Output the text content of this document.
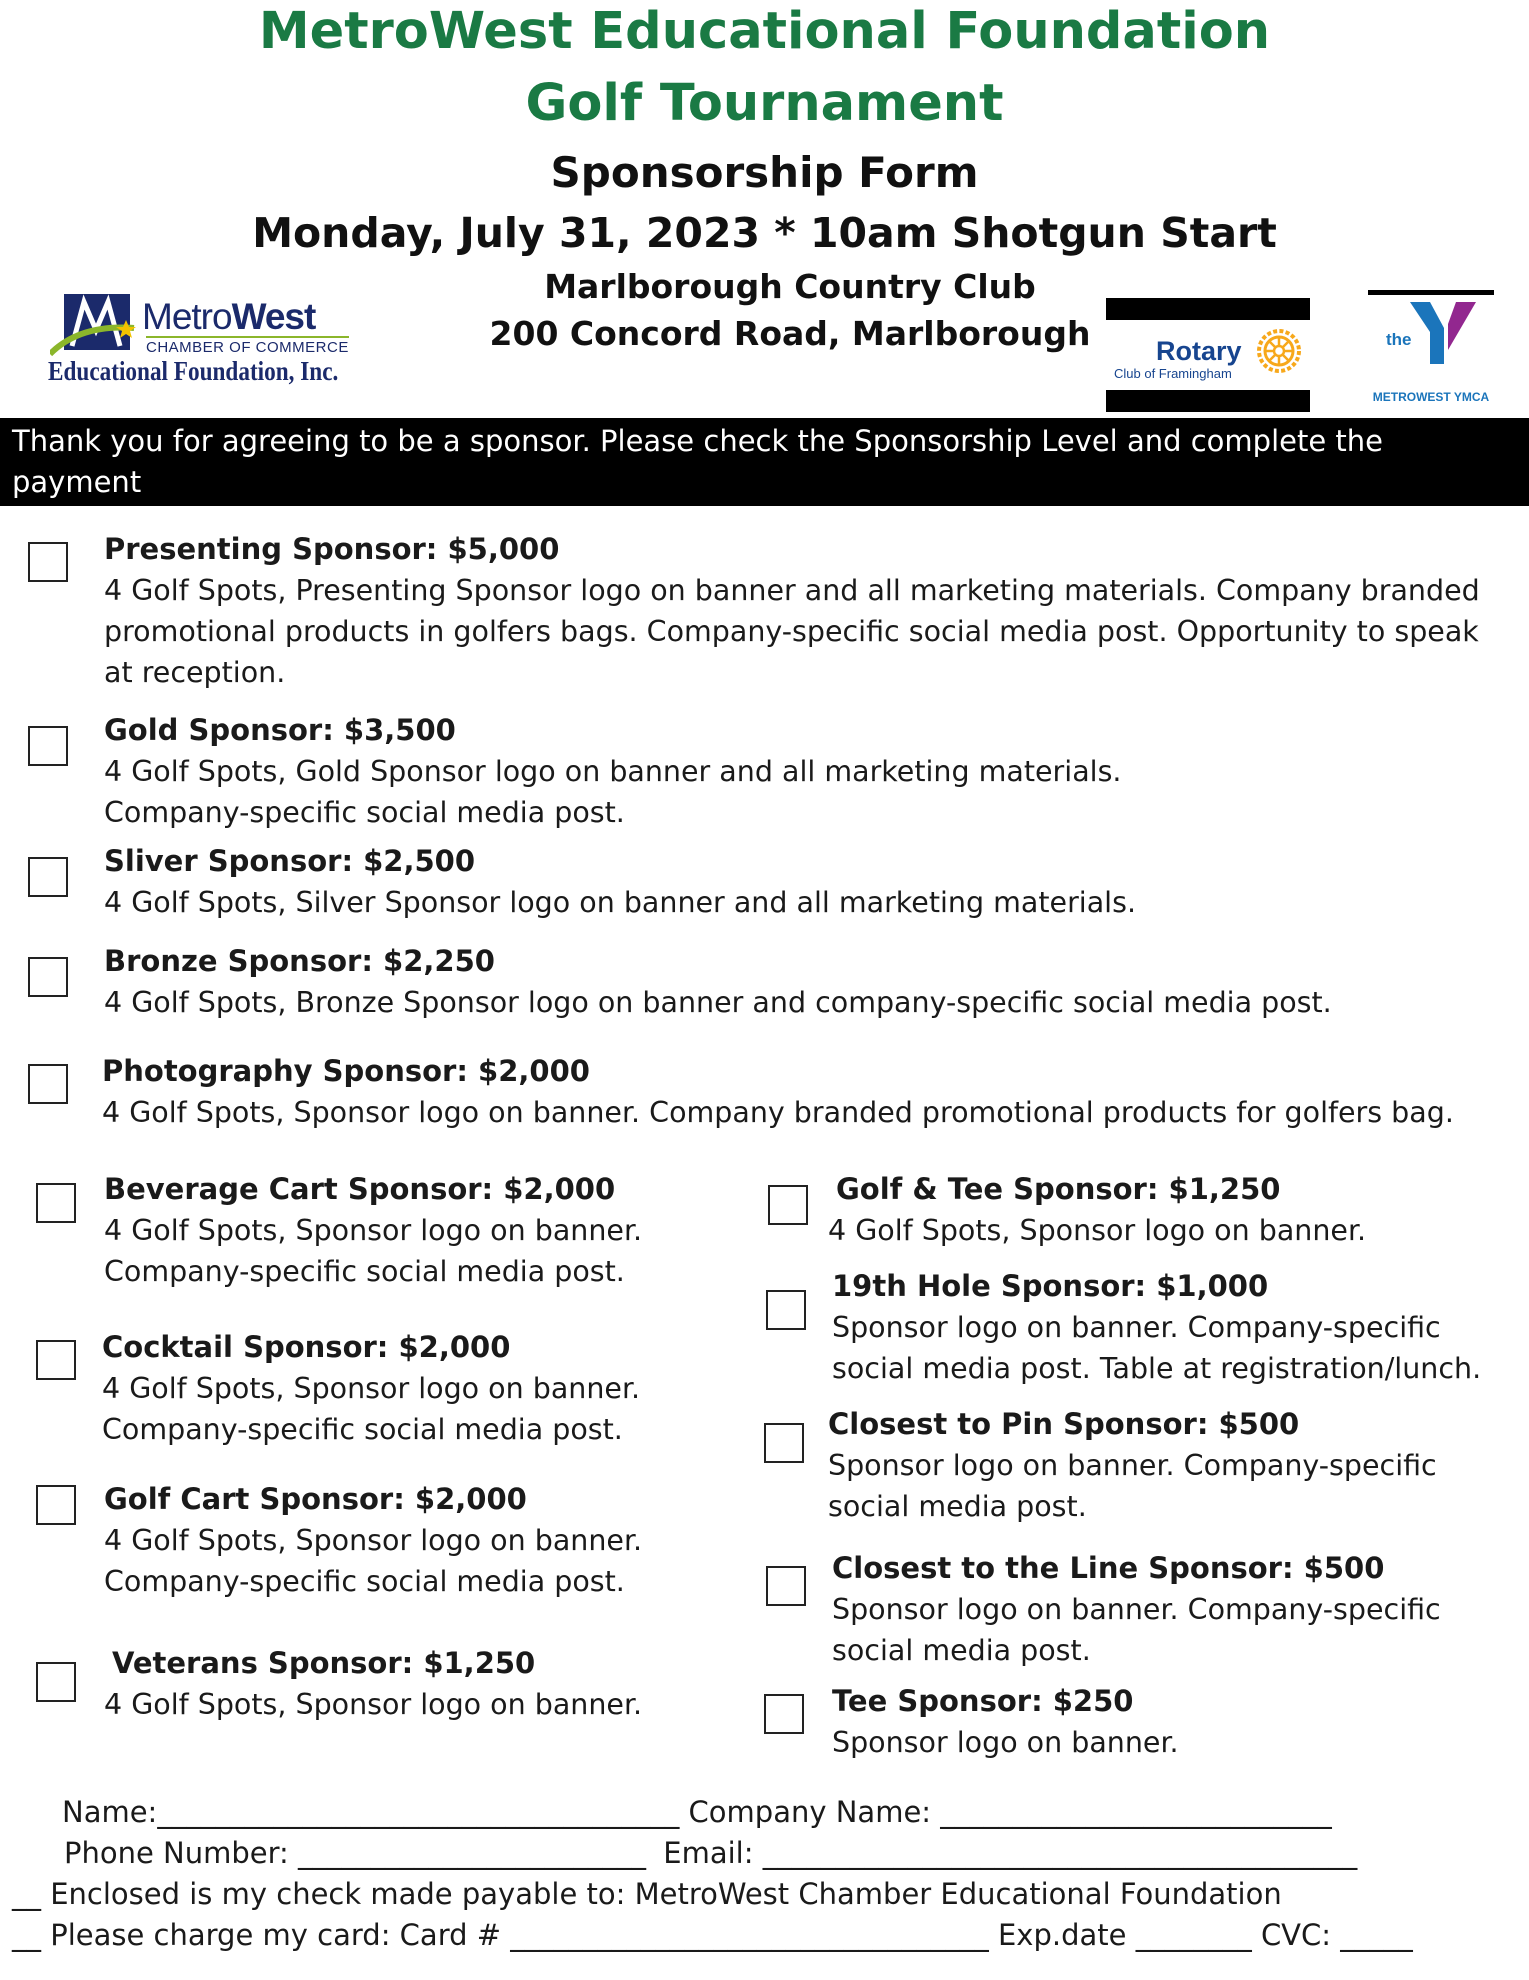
MetroWest Educational Foundation
Golf Tournament
Sponsorship Form
Monday, July 31, 2023 * 10am Shotgun Start
Marlborough Country Club
200 Concord Road, Marlborough
MetroWest
CHAMBER OF COMMERCE
Educational Foundation, Inc.
Rotary
Club of Framingham
the
METROWEST YMCA
Thank you for agreeing to be a sponsor. Please check the Sponsorship Level and complete the payment
information below. Please contact 508-879-5600 or stephanie@metrowest.org with questions.
Presenting Sponsor: $5,000
4 Golf Spots, Presenting Sponsor logo on banner and all marketing materials. Company branded
promotional products in golfers bags. Company-specific social media post. Opportunity to speak
at reception.
Gold Sponsor: $3,500
4 Golf Spots, Gold Sponsor logo on banner and all marketing materials.
Company-specific social media post.
Sliver Sponsor: $2,500
4 Golf Spots, Silver Sponsor logo on banner and all marketing materials.
Bronze Sponsor: $2,250
4 Golf Spots, Bronze Sponsor logo on banner and company-specific social media post.
Photography Sponsor: $2,000
4 Golf Spots, Sponsor logo on banner. Company branded promotional products for golfers bag.
Beverage Cart Sponsor: $2,000
4 Golf Spots, Sponsor logo on banner.
Company-specific social media post.
Cocktail Sponsor: $2,000
4 Golf Spots, Sponsor logo on banner.
Company-specific social media post.
Golf Cart Sponsor: $2,000
4 Golf Spots, Sponsor logo on banner.
Company-specific social media post.
Veterans Sponsor: $1,250
4 Golf Spots, Sponsor logo on banner.
Golf & Tee Sponsor: $1,250
4 Golf Spots, Sponsor logo on banner.
19th Hole Sponsor: $1,000
Sponsor logo on banner. Company-specific
social media post. Table at registration/lunch.
Closest to Pin Sponsor: $500
Sponsor logo on banner. Company-specific
social media post.
Closest to the Line Sponsor: $500
Sponsor logo on banner. Company-specific
social media post.
Tee Sponsor: $250
Sponsor logo on banner.
Name:____________________________________ Company Name: ___________________________
Phone Number: ________________________ Email: _________________________________________
__ Enclosed is my check made payable to: MetroWest Chamber Educational Foundation
__ Please charge my card: Card # _________________________________ Exp.date ________ CVC: _____
